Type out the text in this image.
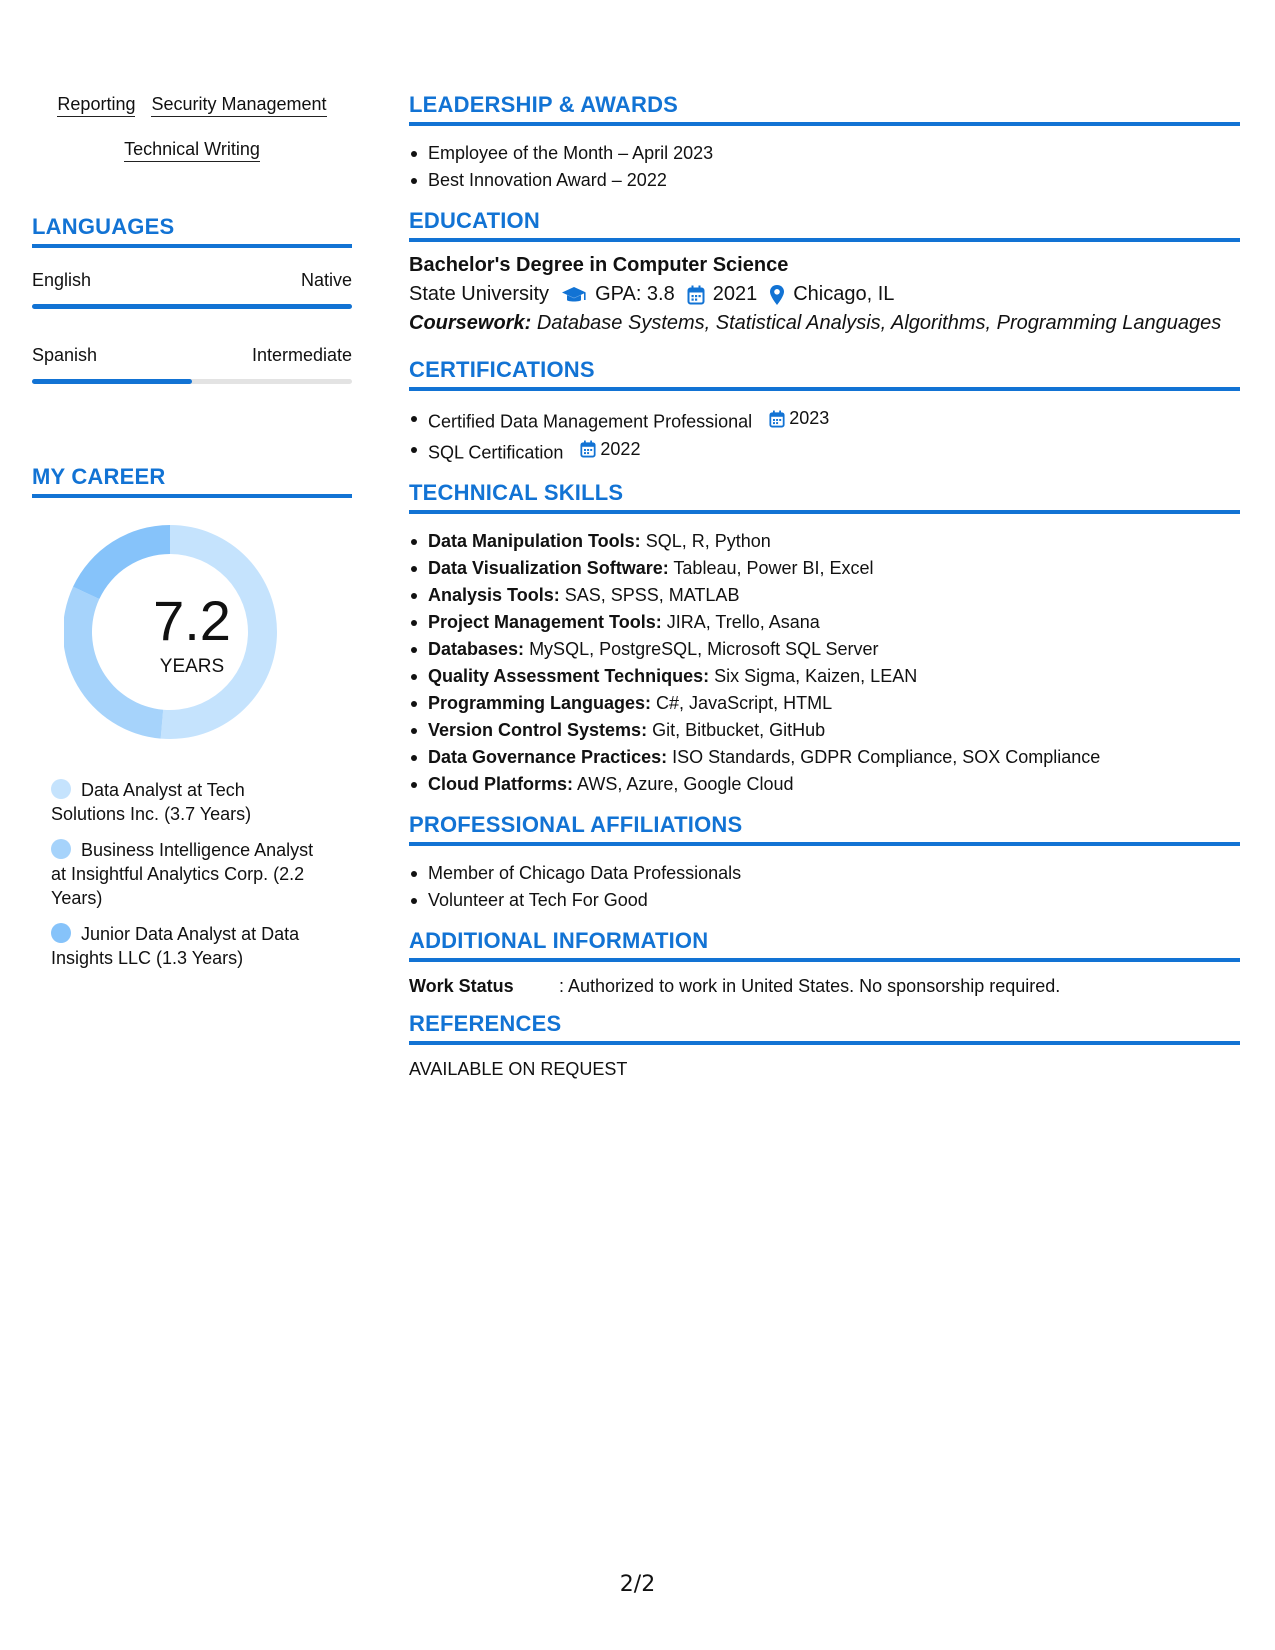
Reporting Security Management
Technical Writing
LANGUAGES
English	Native
Spanish	Intermediate
MY CAREER
7.2
YEARS
Data Analyst at Tech Solutions Inc. (3.7 Years)
Business Intelligence Analyst at Insightful Analytics Corp. (2.2 Years)
Junior Data Analyst at Data Insights LLC (1.3 Years)
LEADERSHIP & AWARDS
Employee of the Month – April 2023
Best Innovation Award – 2022
EDUCATION
Bachelor's Degree in Computer Science
State University GPA: 3.8 2021 Chicago, IL
Coursework: Database Systems, Statistical Analysis, Algorithms, Programming Languages
CERTIFICATIONS
Certified Data Management Professional 2023
SQL Certification 2022
TECHNICAL SKILLS
Data Manipulation Tools: SQL, R, Python
Data Visualization Software: Tableau, Power BI, Excel
Analysis Tools: SAS, SPSS, MATLAB
Project Management Tools: JIRA, Trello, Asana
Databases: MySQL, PostgreSQL, Microsoft SQL Server
Quality Assessment Techniques: Six Sigma, Kaizen, LEAN
Programming Languages: C#, JavaScript, HTML
Version Control Systems: Git, Bitbucket, GitHub
Data Governance Practices: ISO Standards, GDPR Compliance, SOX Compliance
Cloud Platforms: AWS, Azure, Google Cloud
PROFESSIONAL AFFILIATIONS
Member of Chicago Data Professionals
Volunteer at Tech For Good
ADDITIONAL INFORMATION
Work Status	: Authorized to work in United States. No sponsorship required.
REFERENCES
AVAILABLE ON REQUEST
2/2
